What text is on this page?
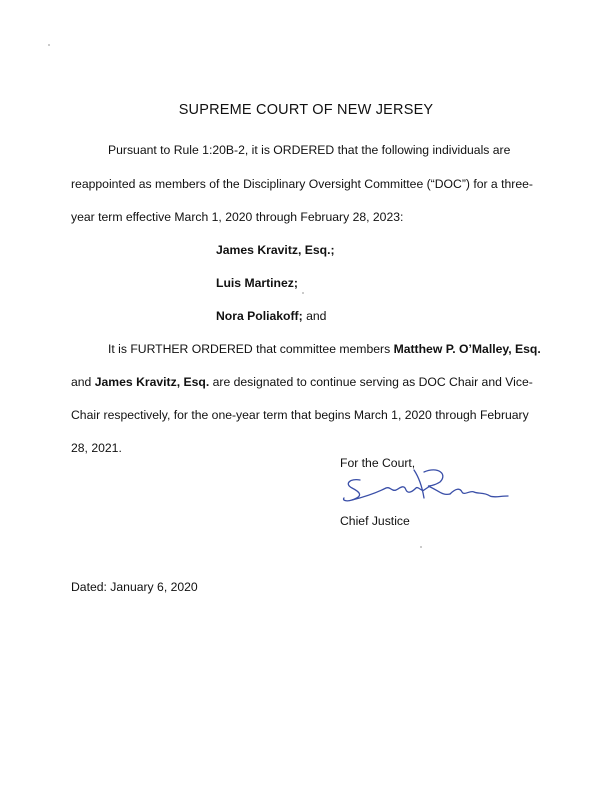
SUPREME COURT OF NEW JERSEY
Pursuant to Rule 1:20B-2, it is ORDERED that the following individuals are
reappointed as members of the Disciplinary Oversight Committee (“DOC”) for a three-
year term effective March 1, 2020 through February 28, 2023:
James Kravitz, Esq.;
Luis Martinez;
Nora Poliakoff; and
It is FURTHER ORDERED that committee members Matthew P. O’Malley, Esq.
and James Kravitz, Esq. are designated to continue serving as DOC Chair and Vice-
Chair respectively, for the one-year term that begins March 1, 2020 through February
28, 2021.
For the Court,
Chief Justice
Dated: January 6, 2020
